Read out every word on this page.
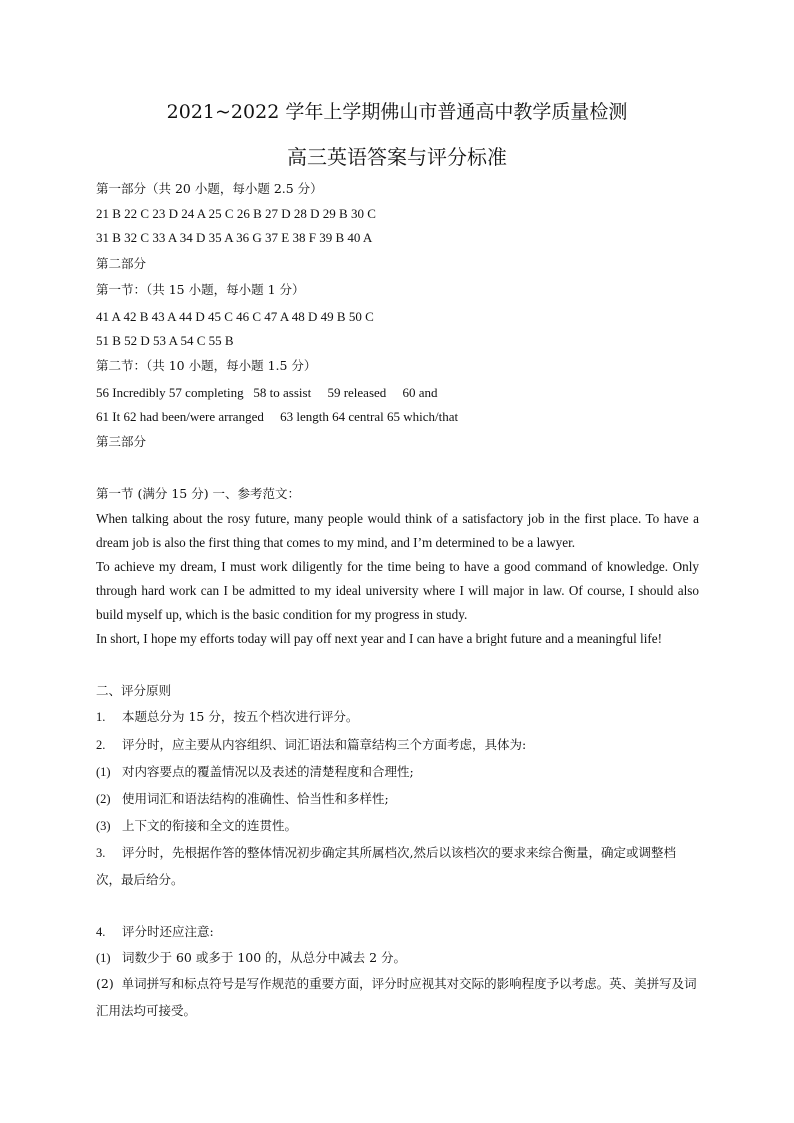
2021~2022 学年上学期佛山市普通高中教学质量检测
高三英语答案与评分标准
第一部分（共 20 小题，每小题 2.5 分）
21 B 22 C 23 D 24 A 25 C 26 B 27 D 28 D 29 B 30 C
31 B 32 C 33 A 34 D 35 A 36 G 37 E 38 F 39 B 40 A
第二部分
第一节：（共 15 小题，每小题 1 分）
41 A 42 B 43 A 44 D 45 C 46 C 47 A 48 D 49 B 50 C
51 B 52 D 53 A 54 C 55 B
第二节：（共 10 小题，每小题 1.5 分）
56 Incredibly 57 completing   58 to assist     59 released     60 and
61 It 62 had been/were arranged     63 length 64 central 65 which/that
第三部分
第一节 (满分 15 分) 一、参考范文：
When talking about the rosy future, many people would think of a satisfactory job in the first place. To have a dream job is also the first thing that comes to my mind, and I’m determined to be a lawyer.
To achieve my dream, I must work diligently for the time being to have a good command of knowledge. Only through hard work can I be admitted to my ideal university where I will major in law. Of course, I should also build myself up, which is the basic condition for my progress in study.
In short, I hope my efforts today will pay off next year and I can have a bright future and a meaningful life!
二、评分原则
1. 本题总分为 15 分，按五个档次进行评分。
2. 评分时，应主要从内容组织、词汇语法和篇章结构三个方面考虑，具体为:
(1) 对内容要点的覆盖情况以及表述的清楚程度和合理性;
(2) 使用词汇和语法结构的准确性、恰当性和多样性;
(3) 上下文的衔接和全文的连贯性。
3. 评分时，先根据作答的整体情况初步确定其所属档次,然后以该档次的要求来综合衡量，确定或调整档次，最后给分。
4. 评分时还应注意:
(1) 词数少于 60 或多于 100 的，从总分中减去 2 分。
(2)  单词拼写和标点符号是写作规范的重要方面，评分时应视其对交际的影响程度予以考虑。英、美拼写及词汇用法均可接受。
